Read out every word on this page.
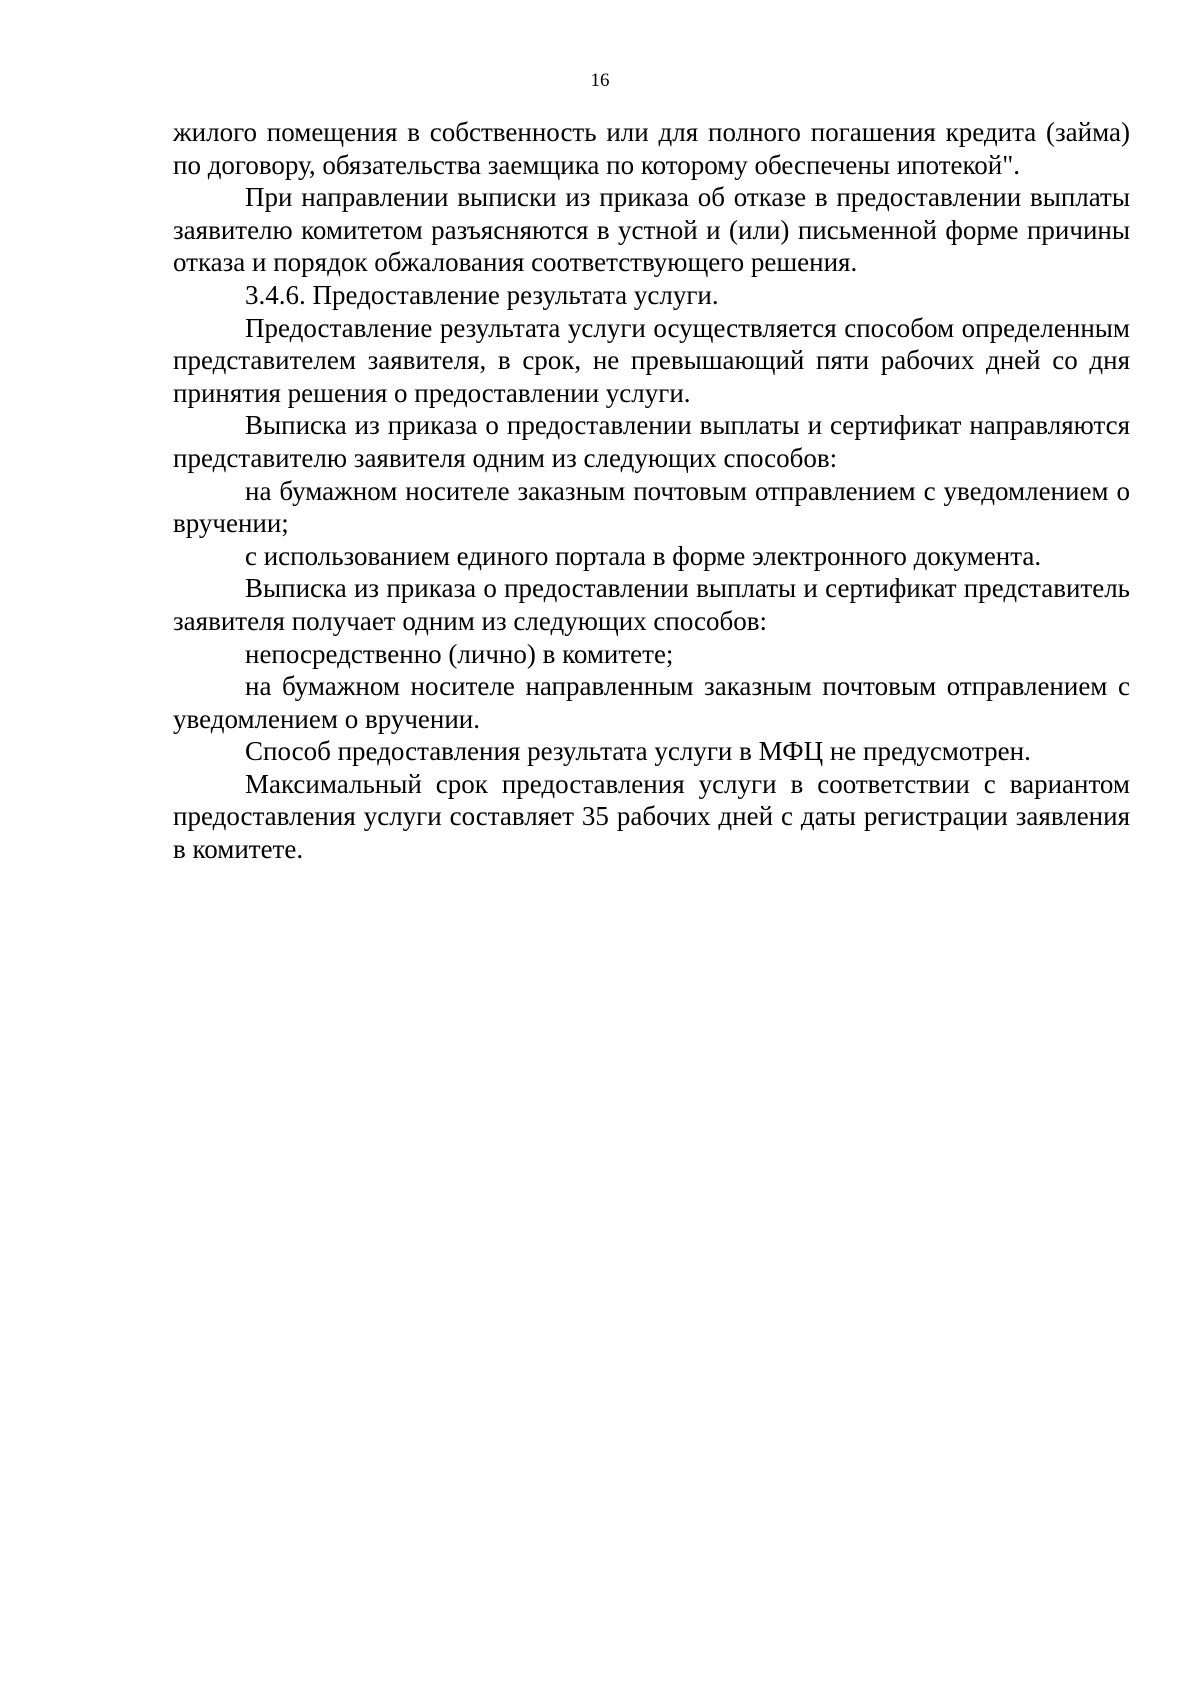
16

жилого помещения в собственность или для полного погашения кредита (займа) по договору, обязательства заемщика по которому обеспечены ипотекой".

При направлении выписки из приказа об отказе в предоставлении выплаты заявителю комитетом разъясняются в устной и (или) письменной форме причины отказа и порядок обжалования соответствующего решения.

3.4.6. Предоставление результата услуги.

Предоставление результата услуги осуществляется способом определенным представителем заявителя, в срок, не превышающий пяти рабочих дней со дня принятия решения о предоставлении услуги.

Выписка из приказа о предоставлении выплаты и сертификат направляются представителю заявителя одним из следующих способов:

на бумажном носителе заказным почтовым отправлением с уведомлением о вручении;

с использованием единого портала в форме электронного документа.

Выписка из приказа о предоставлении выплаты и сертификат представитель заявителя получает одним из следующих способов:

непосредственно (лично) в комитете;

на бумажном носителе направленным заказным почтовым отправлением с уведомлением о вручении.

Способ предоставления результата услуги в МФЦ не предусмотрен.

Максимальный срок предоставления услуги в соответствии с вариантом предоставления услуги составляет 35 рабочих дней с даты регистрации заявления в комитете.
